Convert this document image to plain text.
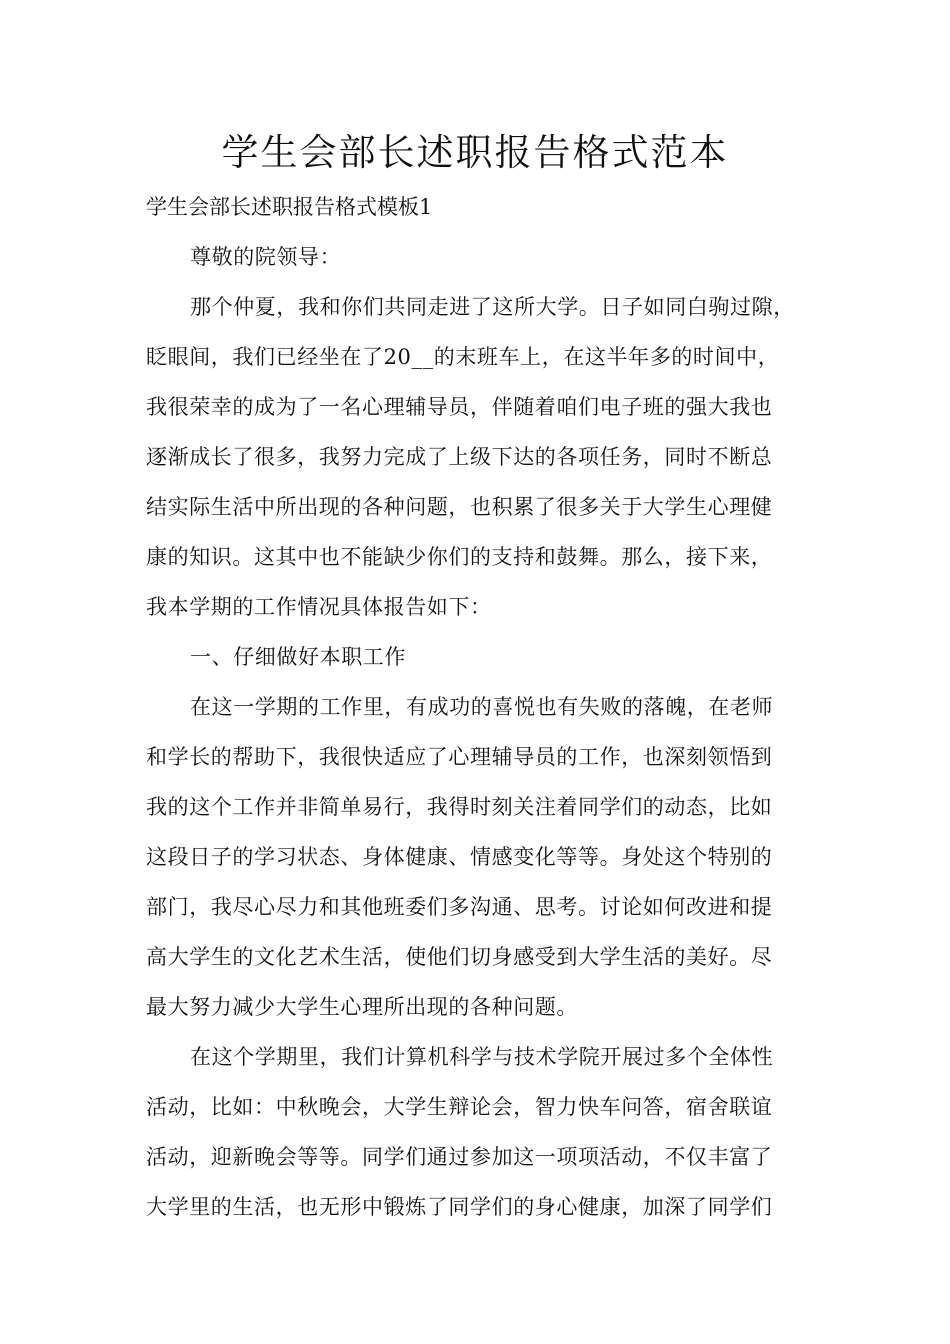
学生会部长述职报告格式范本
学生会部长述职报告格式模板1
尊敬的院领导：
那个仲夏，我和你们共同走进了这所大学。日子如同白驹过隙，
眨眼间，我们已经坐在了20__的末班车上，在这半年多的时间中，
我很荣幸的成为了一名心理辅导员，伴随着咱们电子班的强大我也
逐渐成长了很多，我努力完成了上级下达的各项任务，同时不断总
结实际生活中所出现的各种问题，也积累了很多关于大学生心理健
康的知识。这其中也不能缺少你们的支持和鼓舞。那么，接下来，
我本学期的工作情况具体报告如下：
一、仔细做好本职工作
在这一学期的工作里，有成功的喜悦也有失败的落魄，在老师
和学长的帮助下，我很快适应了心理辅导员的工作，也深刻领悟到
我的这个工作并非简单易行，我得时刻关注着同学们的动态，比如
这段日子的学习状态、身体健康、情感变化等等。身处这个特别的
部门，我尽心尽力和其他班委们多沟通、思考。讨论如何改进和提
高大学生的文化艺术生活，使他们切身感受到大学生活的美好。尽
最大努力减少大学生心理所出现的各种问题。
在这个学期里，我们计算机科学与技术学院开展过多个全体性
活动，比如：中秋晚会，大学生辩论会，智力快车问答，宿舍联谊
活动，迎新晚会等等。同学们通过参加这一项项活动，不仅丰富了
大学里的生活，也无形中锻炼了同学们的身心健康，加深了同学们
